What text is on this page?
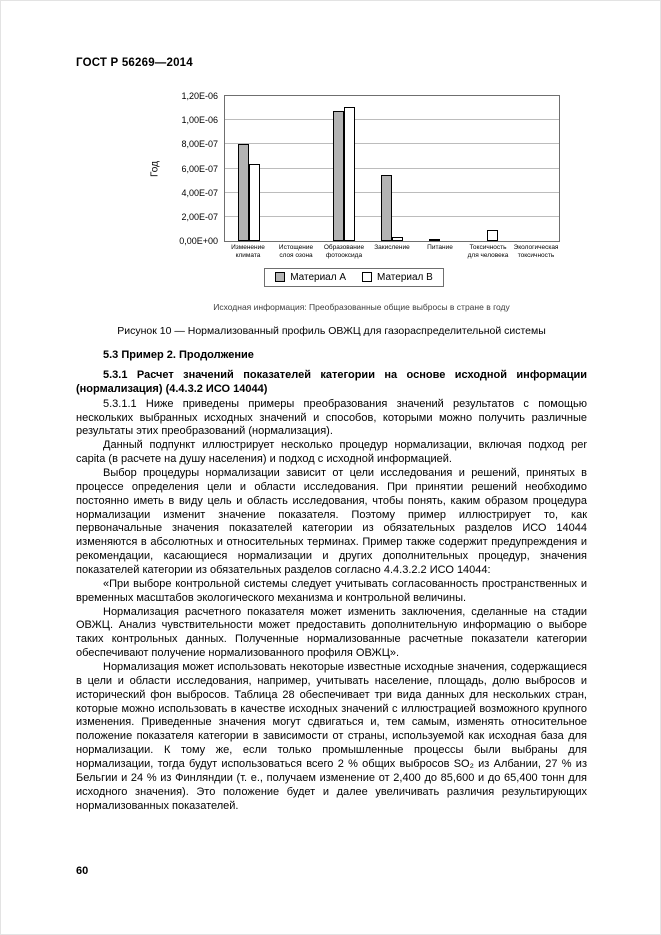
ГОСТ Р 56269—2014
Год
1,20E-06
1,00E-06
8,00E-07
6,00E-07
4,00E-07
2,00E-07
0,00E+00
Изменение климата
Истощение слоя озона
Образование фотооксида
Закисление	Питание	Токсичность для человека
Экологическая токсичность
Материал А	Материал В
Исходная информация: Преобразованные общие выбросы в стране в году
Рисунок 10 — Нормализованный профиль ОВЖЦ для газораспределительной системы

5.3 Пример 2. Продолжение

5.3.1 Расчет значений показателей категории на основе исходной информации (нормализация) (4.4.3.2 ИСО 14044)

5.3.1.1 Ниже приведены примеры преобразования значений результатов с помощью нескольких выбранных исходных значений и способов, которыми можно получить различные результаты этих преобразований (нормализация).

Данный подпункт иллюстрирует несколько процедур нормализации, включая подход per capita (в расчете на душу населения) и подход с исходной информацией.

Выбор процедуры нормализации зависит от цели исследования и решений, принятых в процессе определения цели и области исследования. При принятии решений необходимо постоянно иметь в виду цель и область исследования, чтобы понять, каким образом процедура нормализации изменит значение показателя. Поэтому пример иллюстрирует то, как первоначальные значения показателей категории из обязательных разделов ИСО 14044 изменяются в абсолютных и относительных терминах. Пример также содержит предупреждения и рекомендации, касающиеся нормализации и других дополнительных процедур, значения показателей категории из обязательных разделов согласно 4.4.3.2.2 ИСО 14044:

«При выборе контрольной системы следует учитывать согласованность пространственных и временных масштабов экологического механизма и контрольной величины.

Нормализация расчетного показателя может изменить заключения, сделанные на стадии ОВЖЦ. Анализ чувствительности может предоставить дополнительную информацию о выборе таких контрольных данных. Полученные нормализованные расчетные показатели категории обеспечивают получение нормализованного профиля ОВЖЦ».

Нормализация может использовать некоторые известные исходные значения, содержащиеся в цели и области исследования, например, учитывать население, площадь, долю выбросов и исторический фон выбросов. Таблица 28 обеспечивает три вида данных для нескольких стран, которые можно использовать в качестве исходных значений с иллюстрацией возможного крупного изменения. Приведенные значения могут сдвигаться и, тем самым, изменять относительное положение показателя категории в зависимости от страны, используемой как исходная база для нормализации. К тому же, если только промышленные процессы были выбраны для нормализации, тогда будут использоваться всего 2 % общих выбросов SO₂ из Албании, 27 % из Бельгии и 24 % из Финляндии (т. е., получаем изменение от 2,400 до 85,600 и до 65,400 тонн для исходного значения). Это положение будет и далее увеличивать различия результирующих нормализованных показателей.

60
